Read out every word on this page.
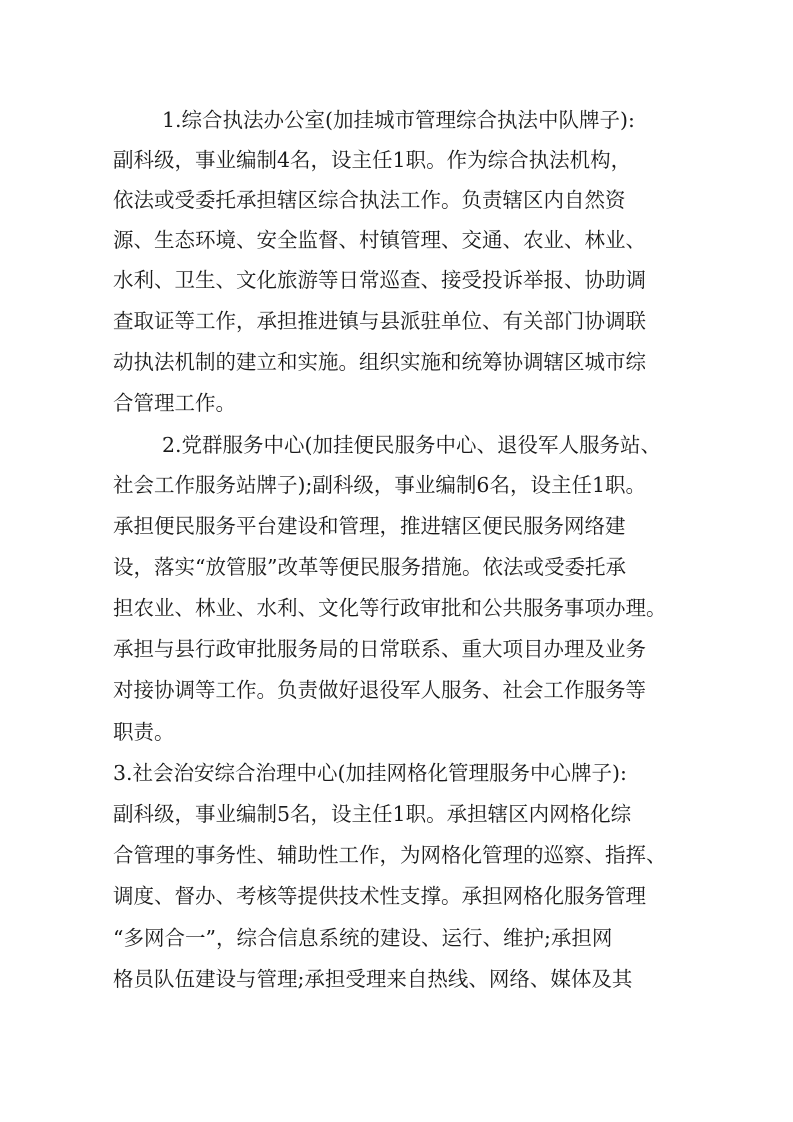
1.综合执法办公室(加挂城市管理综合执法中队牌子):
副科级，事业编制4名，设主任1职。作为综合执法机构，
依法或受委托承担辖区综合执法工作。负责辖区内自然资
源、生态环境、安全监督、村镇管理、交通、农业、林业、
水利、卫生、文化旅游等日常巡查、接受投诉举报、协助调
查取证等工作，承担推进镇与县派驻单位、有关部门协调联
动执法机制的建立和实施。组织实施和统筹协调辖区城市综
合管理工作。
2.党群服务中心(加挂便民服务中心、退役军人服务站、
社会工作服务站牌子);副科级，事业编制6名，设主任1职。
承担便民服务平台建设和管理，推进辖区便民服务网络建
设，落实“放管服”改革等便民服务措施。依法或受委托承
担农业、林业、水利、文化等行政审批和公共服务事项办理。
承担与县行政审批服务局的日常联系、重大项目办理及业务
对接协调等工作。负责做好退役军人服务、社会工作服务等
职责。
3.社会治安综合治理中心(加挂网格化管理服务中心牌子):
副科级，事业编制5名，设主任1职。承担辖区内网格化综
合管理的事务性、辅助性工作，为网格化管理的巡察、指挥、
调度、督办、考核等提供技术性支撑。承担网格化服务管理
“多网合一”，综合信息系统的建设、运行、维护;承担网
格员队伍建设与管理;承担受理来自热线、网络、媒体及其
